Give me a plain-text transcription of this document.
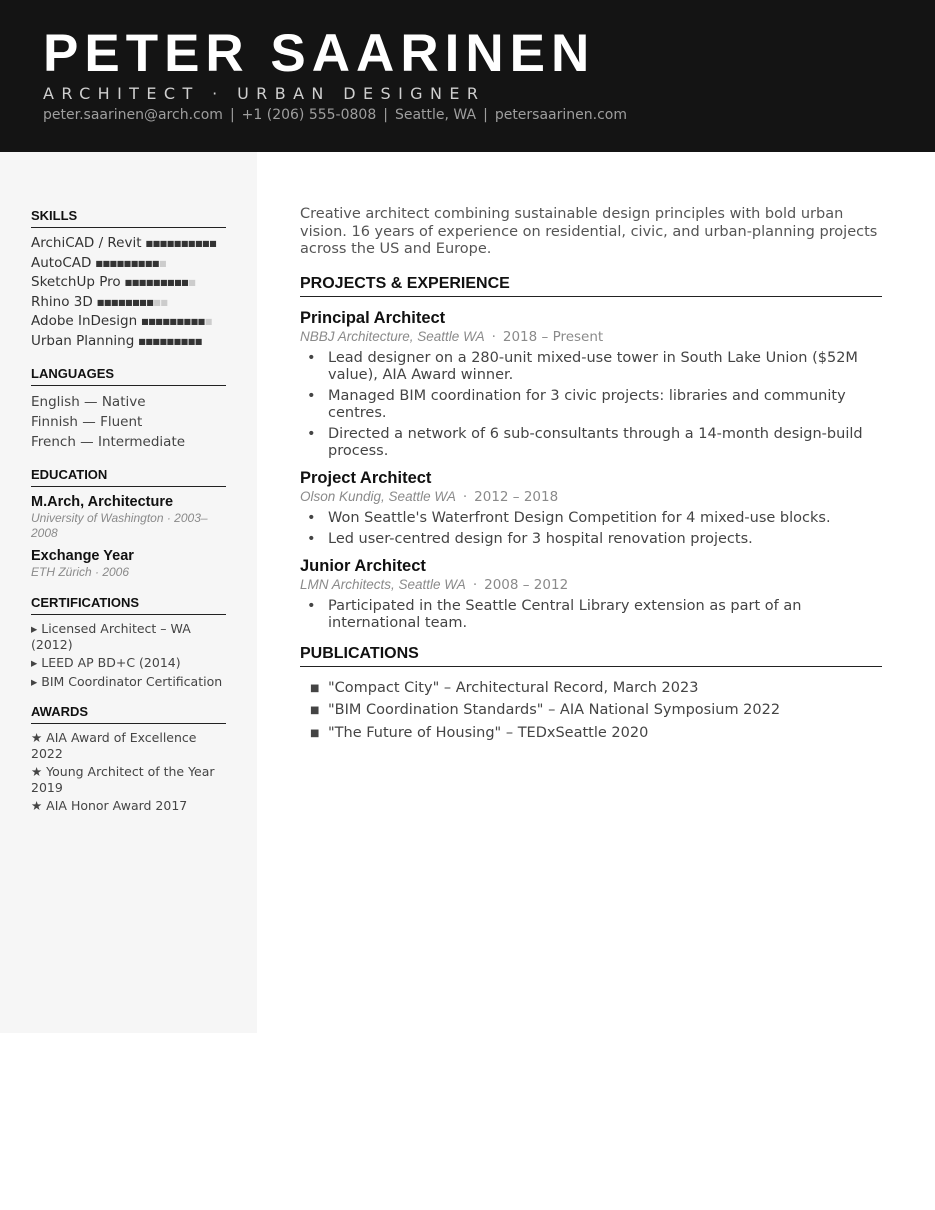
PETER SAARINEN
ARCHITECT · URBAN DESIGNER
peter.saarinen@arch.com | +1 (206) 555-0808 | Seattle, WA | petersaarinen.com
SKILLS
ArchiCAD / Revit ■■■■■■■■■■
AutoCAD ■■■■■■■■■■
SketchUp Pro ■■■■■■■■■■
Rhino 3D ■■■■■■■■■■
Adobe InDesign ■■■■■■■■■■
Urban Planning ■■■■■■■■■
LANGUAGES
English — Native
Finnish — Fluent
French — Intermediate
EDUCATION
M.Arch, Architecture
University of Washington · 2003–2008
Exchange Year
ETH Zürich · 2006
CERTIFICATIONS
▸ Licensed Architect – WA (2012)
▸ LEED AP BD+C (2014)
▸ BIM Coordinator Certification
AWARDS
★ AIA Award of Excellence 2022
★ Young Architect of the Year 2019
★ AIA Honor Award 2017
Creative architect combining sustainable design principles with bold urban vision. 16 years of experience on residential, civic, and urban-planning projects across the US and Europe.
PROJECTS & EXPERIENCE
Principal Architect
NBBJ Architecture, Seattle WA · 2018 – Present
• Lead designer on a 280-unit mixed-use tower in South Lake Union ($52M value), AIA Award winner.
• Managed BIM coordination for 3 civic projects: libraries and community centres.
• Directed a network of 6 sub-consultants through a 14-month design-build process.
Project Architect
Olson Kundig, Seattle WA · 2012 – 2018
• Won Seattle's Waterfront Design Competition for 4 mixed-use blocks.
• Led user-centred design for 3 hospital renovation projects.
Junior Architect
LMN Architects, Seattle WA · 2008 – 2012
• Participated in the Seattle Central Library extension as part of an international team.
PUBLICATIONS
■ "Compact City" – Architectural Record, March 2023
■ "BIM Coordination Standards" – AIA National Symposium 2022
■ "The Future of Housing" – TEDxSeattle 2020
